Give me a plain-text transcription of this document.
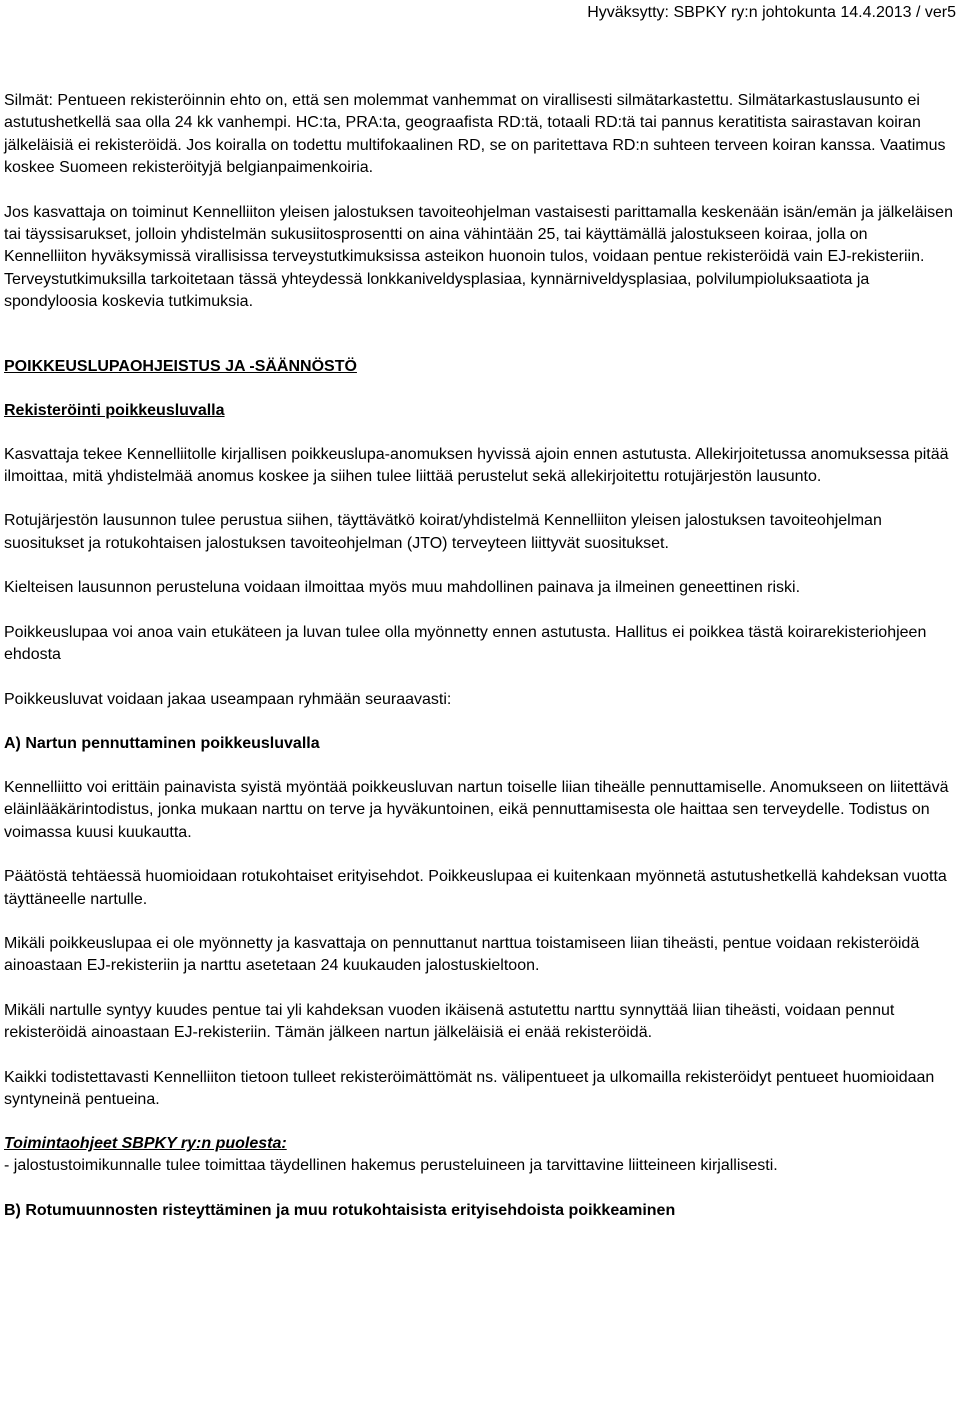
Hyväksytty: SBPKY ry:n johtokunta 14.4.2013 / ver5

Silmät: Pentueen rekisteröinnin ehto on, että sen molemmat vanhemmat on virallisesti silmätarkastettu. Silmätarkastuslausunto ei astutushetkellä saa olla 24 kk vanhempi. HC:ta, PRA:ta, geograafista RD:tä, totaali RD:tä tai pannus keratitista sairastavan koiran jälkeläisiä ei rekisteröidä. Jos koiralla on todettu multifokaalinen RD, se on paritettava RD:n suhteen terveen koiran kanssa. Vaatimus koskee Suomeen rekisteröityjä belgianpaimenkoiria.

Jos kasvattaja on toiminut Kennelliiton yleisen jalostuksen tavoiteohjelman vastaisesti parittamalla keskenään isän/emän ja jälkeläisen tai täyssisarukset, jolloin yhdistelmän sukusiitosprosentti on aina vähintään 25, tai käyttämällä jalostukseen koiraa, jolla on Kennelliiton hyväksymissä virallisissa terveystutkimuksissa asteikon huonoin tulos, voidaan pentue rekisteröidä vain EJ-rekisteriin. Terveystutkimuksilla tarkoitetaan tässä yhteydessä lonkkaniveldysplasiaa, kynnärniveldysplasiaa, polvilumpioluksaatiota ja spondyloosia koskevia tutkimuksia.

POIKKEUSLUPAOHJEISTUS JA -SÄÄNNÖSTÖ

Rekisteröinti poikkeusluvalla

Kasvattaja tekee Kennelliitolle kirjallisen poikkeuslupa-anomuksen hyvissä ajoin ennen astutusta. Allekirjoitetussa anomuksessa pitää ilmoittaa, mitä yhdistelmää anomus koskee ja siihen tulee liittää perustelut sekä allekirjoitettu rotujärjestön lausunto.

Rotujärjestön lausunnon tulee perustua siihen, täyttävätkö koirat/yhdistelmä Kennelliiton yleisen jalostuksen tavoiteohjelman suositukset ja rotukohtaisen jalostuksen tavoiteohjelman (JTO) terveyteen liittyvät suositukset.

Kielteisen lausunnon perusteluna voidaan ilmoittaa myös muu mahdollinen painava ja ilmeinen geneettinen riski.

Poikkeuslupaa voi anoa vain etukäteen ja luvan tulee olla myönnetty ennen astutusta. Hallitus ei poikkea tästä koirarekisteriohjeen ehdosta

Poikkeusluvat voidaan jakaa useampaan ryhmään seuraavasti:

A) Nartun pennuttaminen poikkeusluvalla

Kennelliitto voi erittäin painavista syistä myöntää poikkeusluvan nartun toiselle liian tiheälle pennuttamiselle. Anomukseen on liitettävä eläinlääkärintodistus, jonka mukaan narttu on terve ja hyväkuntoinen, eikä pennuttamisesta ole haittaa sen terveydelle. Todistus on voimassa kuusi kuukautta.

Päätöstä tehtäessä huomioidaan rotukohtaiset erityisehdot. Poikkeuslupaa ei kuitenkaan myönnetä astutushetkellä kahdeksan vuotta täyttäneelle nartulle.

Mikäli poikkeuslupaa ei ole myönnetty ja kasvattaja on pennuttanut narttua toistamiseen liian tiheästi, pentue voidaan rekisteröidä ainoastaan EJ-rekisteriin ja narttu asetetaan 24 kuukauden jalostuskieltoon.

Mikäli nartulle syntyy kuudes pentue tai yli kahdeksan vuoden ikäisenä astutettu narttu synnyttää liian tiheästi, voidaan pennut rekisteröidä ainoastaan EJ-rekisteriin. Tämän jälkeen nartun jälkeläisiä ei enää rekisteröidä.

Kaikki todistettavasti Kennelliiton tietoon tulleet rekisteröimättömät ns. välipentueet ja ulkomailla rekisteröidyt pentueet huomioidaan syntyneinä pentueina.

Toimintaohjeet SBPKY ry:n puolesta:

- jalostustoimikunnalle tulee toimittaa täydellinen hakemus perusteluineen ja tarvittavine liitteineen kirjallisesti.

B) Rotumuunnosten risteyttäminen ja muu rotukohtaisista erityisehdoista poikkeaminen
